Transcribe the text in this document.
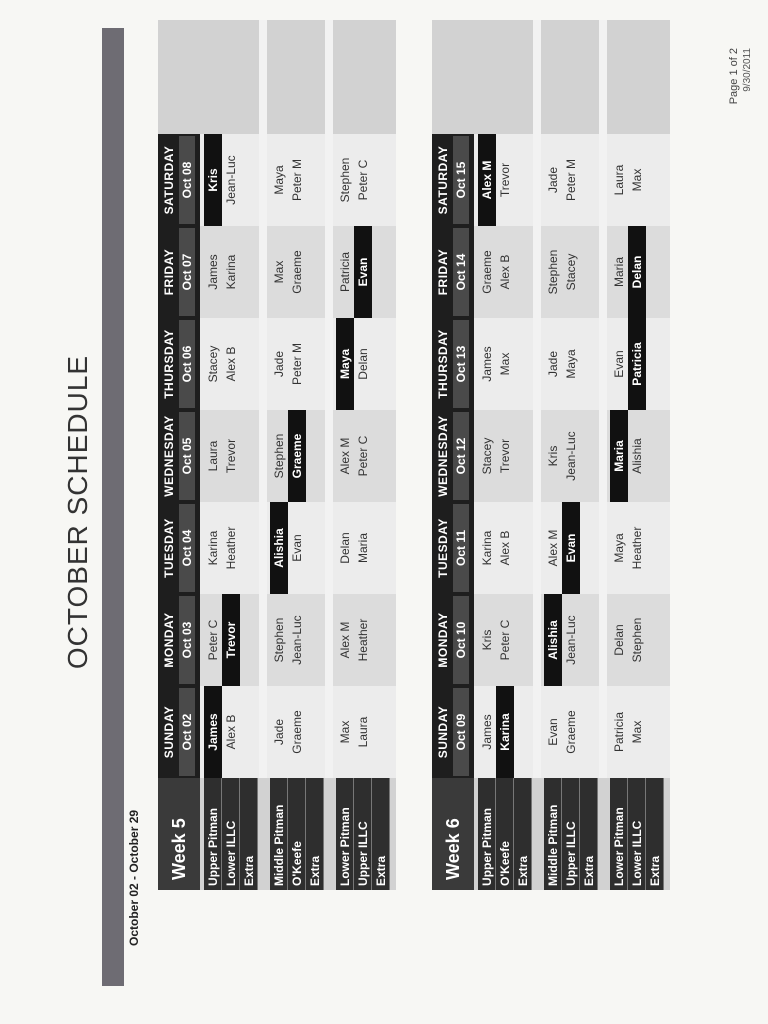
OCTOBER SCHEDULE
October 02 - October 29	Week 5
SUNDAY Oct 02
MONDAY Oct 03
TUESDAY Oct 04
WEDNESDAY Oct 05
THURSDAY Oct 06
FRIDAY Oct 07
SATURDAY Oct 08
Upper Pitman
James
Peter C
Karina
Laura
Stacey
James
Kris
Lower ILLC
Alex B
Trevor
Heather
Trevor
Alex B
Karina
Jean-Luc
Extra Middle Pitman
Jade
Stephen
Alishia
Stephen
Jade
Max
Maya
O'Keefe
Graeme
Jean-Luc
Evan
Graeme
Peter M
Graeme
Peter M
Extra Lower Pitman
Max
Alex M
Delan
Alex M
Maya
Patricia
Stephen
Upper ILLC
Laura
Heather
Maria
Peter C
Delan
Evan
Peter C
Extra	Week 6
SUNDAY Oct 09
MONDAY Oct 10
TUESDAY Oct 11
WEDNESDAY Oct 12
THURSDAY Oct 13
FRIDAY Oct 14
SATURDAY Oct 15
Upper Pitman
James
Kris
Karina
Stacey
James
Graeme
Alex M
O'Keefe
Karina
Peter C
Alex B
Trevor
Max
Alex B
Trevor
Extra Middle Pitman
Evan
Alishia
Alex M
Kris
Jade
Stephen
Jade
Upper ILLC
Graeme
Jean-Luc
Evan
Jean-Luc
Maya
Stacey
Peter M
Extra Lower Pitman
Patricia
Delan
Maya
Maria
Evan
Maria
Laura
Lower ILLC
Max
Stephen
Heather
Alishia
Patricia
Delan
Max
Extra
Page 1 of 2 9/30/2011
